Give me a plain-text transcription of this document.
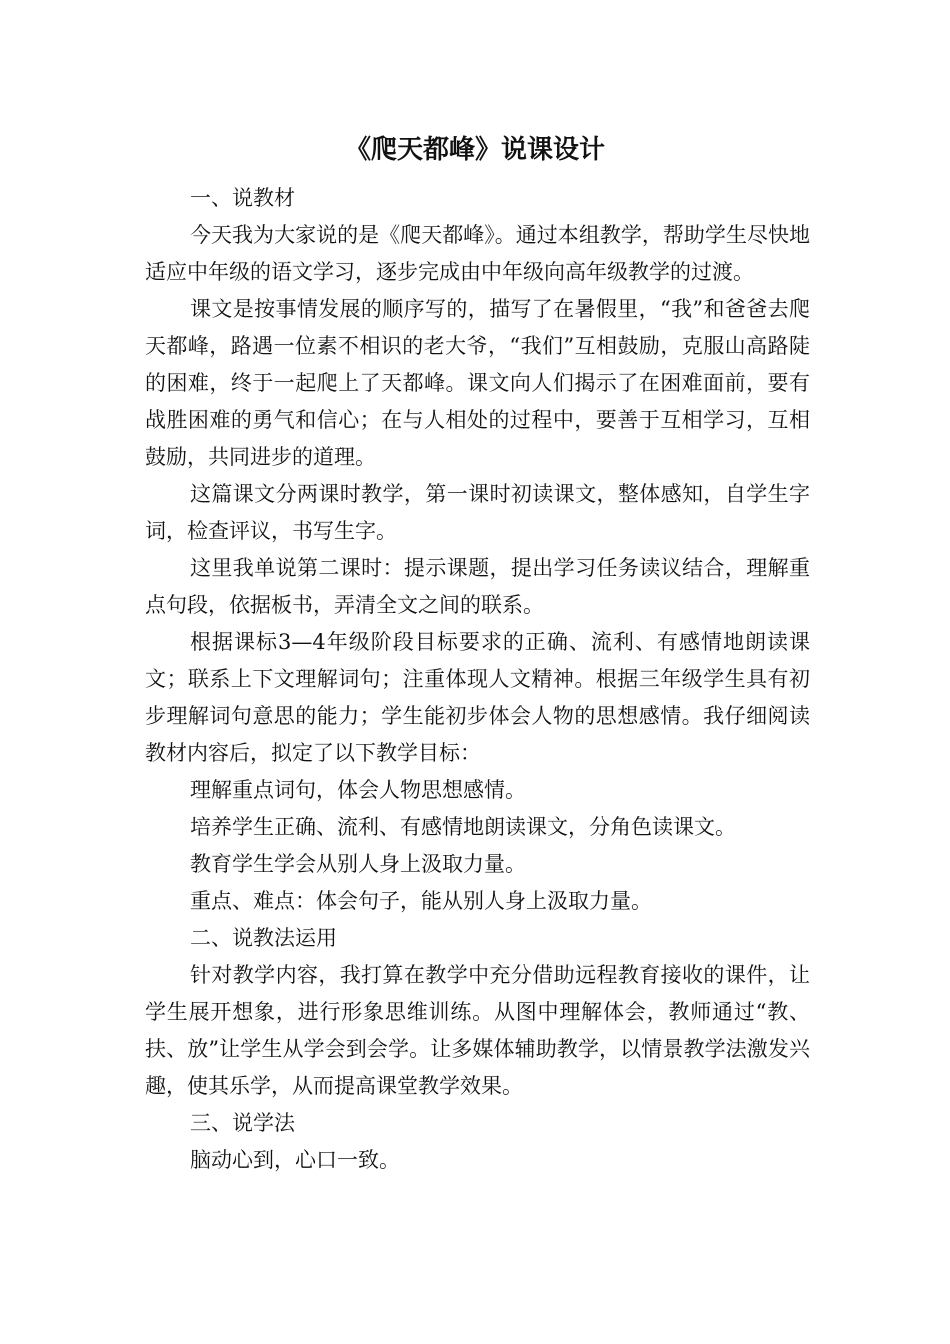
《爬天都峰》说课设计

一、说教材

今天我为大家说的是《爬天都峰》。通过本组教学，帮助学生尽快地适应中年级的语文学习，逐步完成由中年级向高年级教学的过渡。

课文是按事情发展的顺序写的，描写了在暑假里，“我”和爸爸去爬天都峰，路遇一位素不相识的老大爷，“我们”互相鼓励，克服山高路陡的困难，终于一起爬上了天都峰。课文向人们揭示了在困难面前，要有战胜困难的勇气和信心；在与人相处的过程中，要善于互相学习，互相鼓励，共同进步的道理。

这篇课文分两课时教学，第一课时初读课文，整体感知，自学生字词，检查评议，书写生字。

这里我单说第二课时：提示课题，提出学习任务读议结合，理解重点句段，依据板书，弄清全文之间的联系。

根据课标3—4年级阶段目标要求的正确、流利、有感情地朗读课文；联系上下文理解词句；注重体现人文精神。根据三年级学生具有初步理解词句意思的能力；学生能初步体会人物的思想感情。我仔细阅读教材内容后，拟定了以下教学目标：

理解重点词句，体会人物思想感情。

培养学生正确、流利、有感情地朗读课文，分角色读课文。

教育学生学会从别人身上汲取力量。

重点、难点：体会句子，能从别人身上汲取力量。

二、说教法运用

针对教学内容，我打算在教学中充分借助远程教育接收的课件，让学生展开想象，进行形象思维训练。从图中理解体会，教师通过“教、扶、放”让学生从学会到会学。让多媒体辅助教学，以情景教学法激发兴趣，使其乐学，从而提高课堂教学效果。

三、说学法

脑动心到，心口一致。
